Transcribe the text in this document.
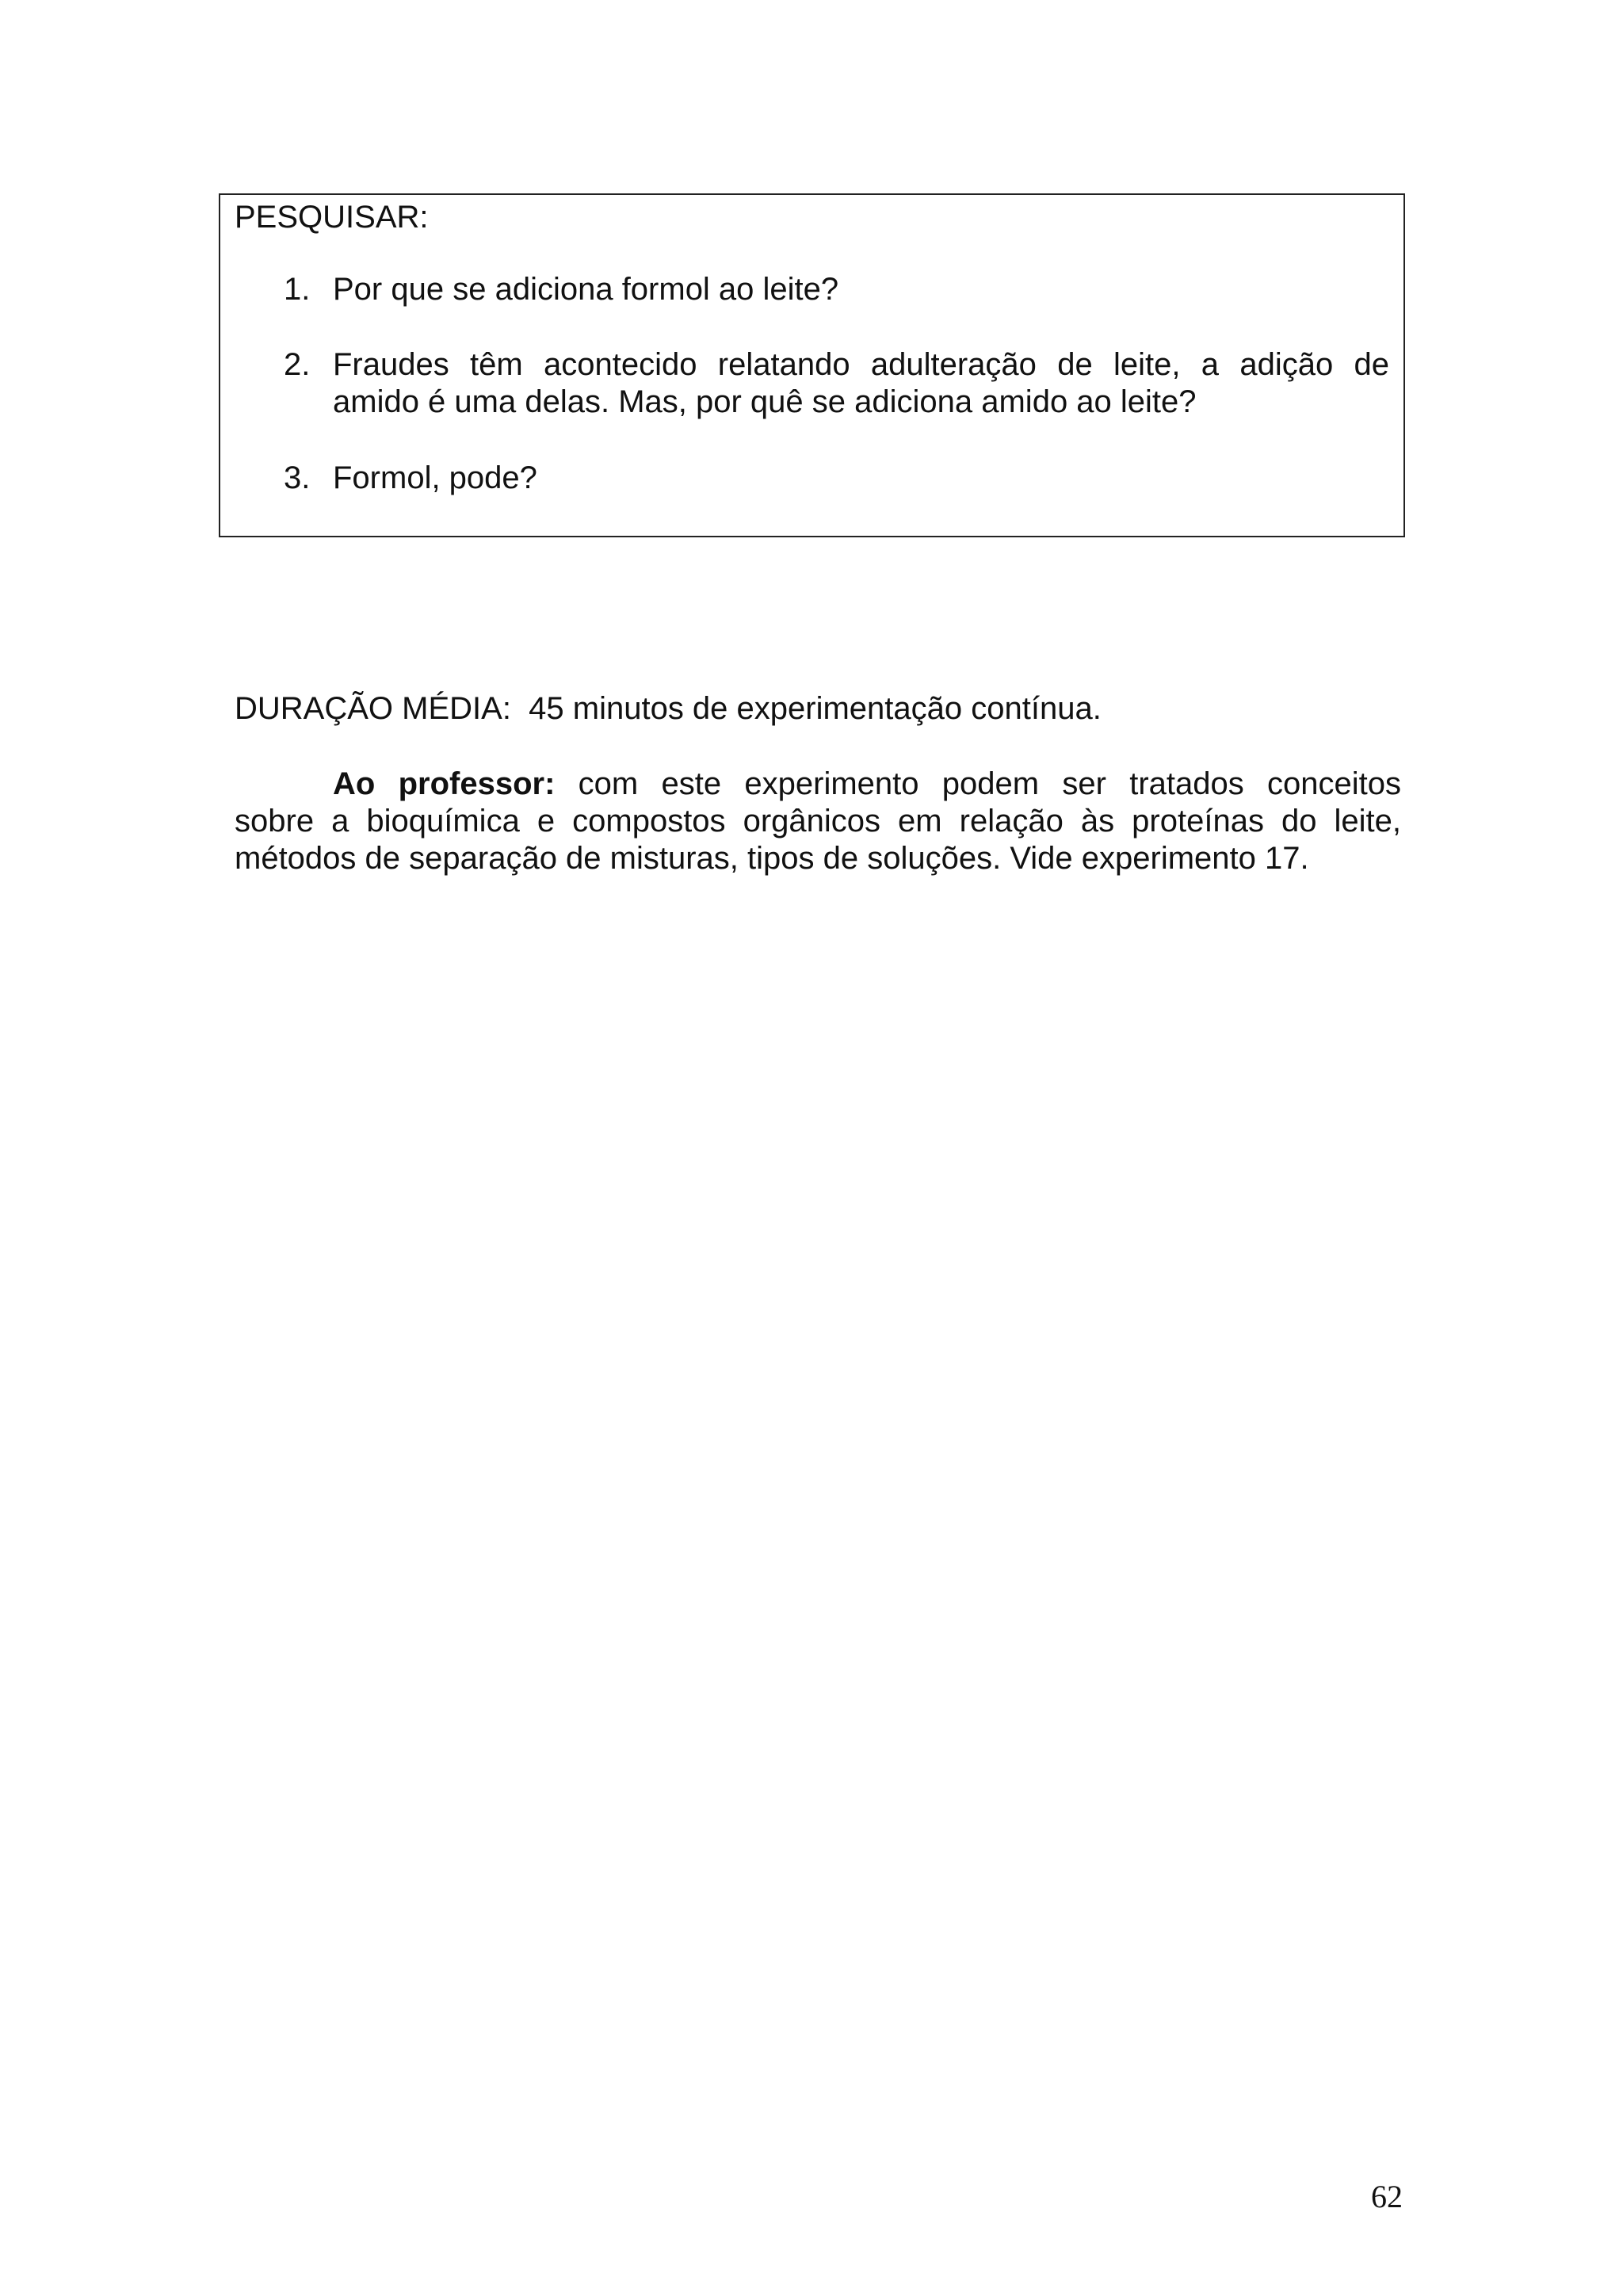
PESQUISAR:
1. Por que se adiciona formol ao leite?
2. Fraudes têm acontecido relatando adulteração de leite, a adição de
amido é uma delas. Mas, por quê se adiciona amido ao leite?
3. Formol, pode?
DURAÇÃO MÉDIA:  45 minutos de experimentação contínua.
Ao professor: com este experimento podem ser tratados conceitos
sobre a bioquímica e compostos orgânicos em relação às proteínas do leite,
métodos de separação de misturas, tipos de soluções. Vide experimento 17.
62
